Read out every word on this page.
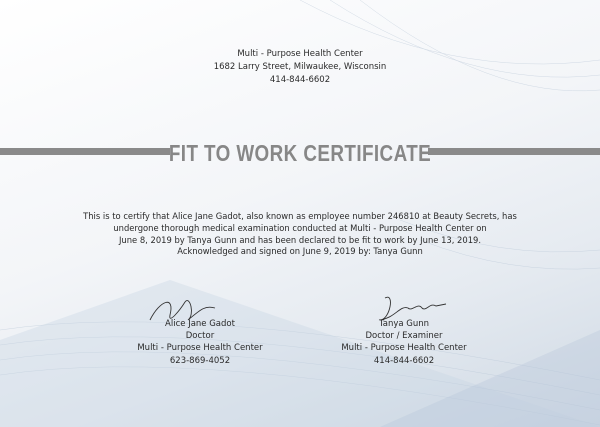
Multi - Purpose Health Center
1682 Larry Street, Milwaukee, Wisconsin
414-844-6602
FIT TO WORK CERTIFICATE
This is to certify that Alice Jane Gadot, also known as employee number 246810 at Beauty Secrets, has
undergone thorough medical examination conducted at Multi - Purpose Health Center on
June 8, 2019 by Tanya Gunn and has been declared to be fit to work by June 13, 2019.
Acknowledged and signed on June 9, 2019 by: Tanya Gunn
Alice Jane Gadot
Doctor
Multi - Purpose Health Center
623-869-4052
Tanya Gunn
Doctor / Examiner
Multi - Purpose Health Center
414-844-6602
